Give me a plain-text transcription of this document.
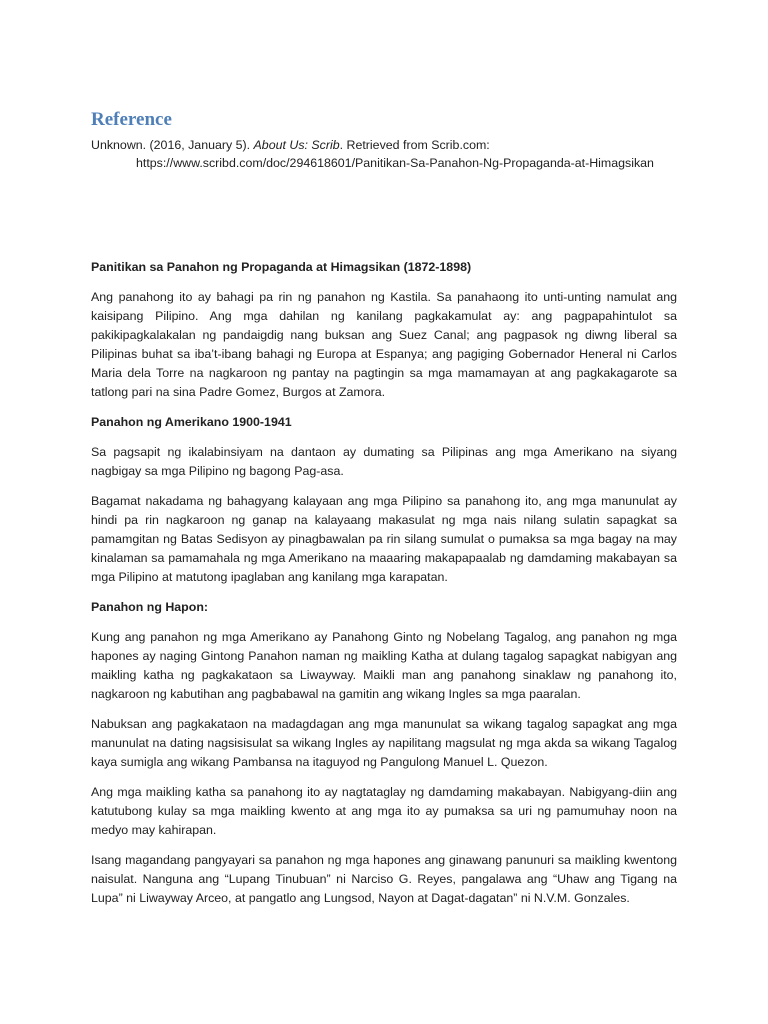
Reference

Unknown. (2016, January 5). About Us: Scrib. Retrieved from Scrib.com:
https://www.scribd.com/doc/294618601/Panitikan-Sa-Panahon-Ng-Propaganda-at-Himagsikan

Panitikan sa Panahon ng Propaganda at Himagsikan (1872-1898)

Ang panahong ito ay bahagi pa rin ng panahon ng Kastila. Sa panahaong ito unti-unting namulat ang kaisipang Pilipino. Ang mga dahilan ng kanilang pagkakamulat ay: ang pagpapahintulot sa pakikipagkalakalan ng pandaigdig nang buksan ang Suez Canal; ang pagpasok ng diwng liberal sa Pilipinas buhat sa iba’t-ibang bahagi ng Europa at Espanya; ang pagiging Gobernador Heneral ni Carlos Maria dela Torre na nagkaroon ng pantay na pagtingin sa mga mamamayan at ang pagkakagarote sa tatlong pari na sina Padre Gomez, Burgos at Zamora.

Panahon ng Amerikano 1900-1941

Sa pagsapit ng ikalabinsiyam na dantaon ay dumating sa Pilipinas ang mga Amerikano na siyang nagbigay sa mga Pilipino ng bagong Pag-asa.

Bagamat nakadama ng bahagyang kalayaan ang mga Pilipino sa panahong ito, ang mga manunulat ay hindi pa rin nagkaroon ng ganap na kalayaang makasulat ng mga nais nilang sulatin sapagkat sa pamamgitan ng Batas Sedisyon ay pinagbawalan pa rin silang sumulat o pumaksa sa mga bagay na may kinalaman sa pamamahala ng mga Amerikano na maaaring makapapaalab ng damdaming makabayan sa mga Pilipino at matutong ipaglaban ang kanilang mga karapatan.

Panahon ng Hapon:

Kung ang panahon ng mga Amerikano ay Panahong Ginto ng Nobelang Tagalog, ang panahon ng mga hapones ay naging Gintong Panahon naman ng maikling Katha at dulang tagalog sapagkat nabigyan ang maikling katha ng pagkakataon sa Liwayway. Maikli man ang panahong sinaklaw ng panahong ito, nagkaroon ng kabutihan ang pagbabawal na gamitin ang wikang Ingles sa mga paaralan.

Nabuksan ang pagkakataon na madagdagan ang mga manunulat sa wikang tagalog sapagkat ang mga manunulat na dating nagsisisulat sa wikang Ingles ay napilitang magsulat ng mga akda sa wikang Tagalog kaya sumigla ang wikang Pambansa na itaguyod ng Pangulong Manuel L. Quezon.

Ang mga maikling katha sa panahong ito ay nagtataglay ng damdaming makabayan. Nabigyang-diin ang katutubong kulay sa mga maikling kwento at ang mga ito ay pumaksa sa uri ng pamumuhay noon na medyo may kahirapan.

Isang magandang pangyayari sa panahon ng mga hapones ang ginawang panunuri sa maikling kwentong naisulat. Nanguna ang “Lupang Tinubuan” ni Narciso G. Reyes, pangalawa ang “Uhaw ang Tigang na Lupa” ni Liwayway Arceo, at pangatlo ang Lungsod, Nayon at Dagat-dagatan” ni N.V.M. Gonzales.
